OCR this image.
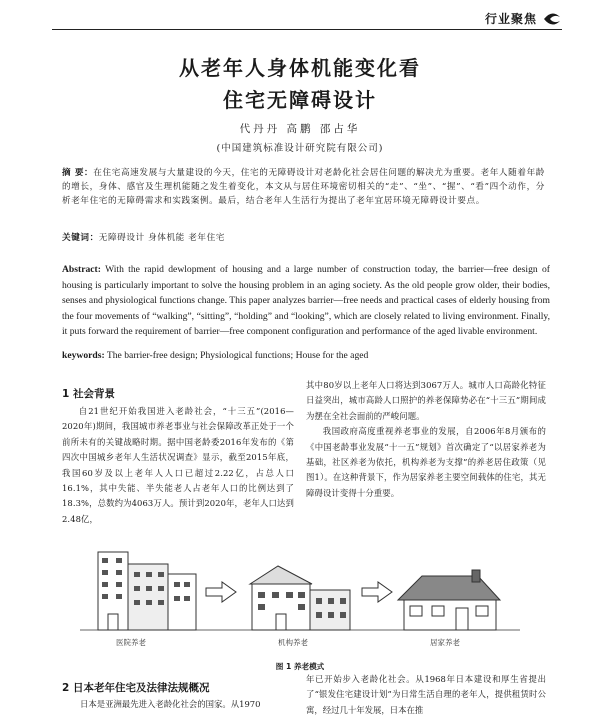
行业聚焦
从老年人身体机能变化看
住宅无障碍设计
代丹丹 高鹏 邵占华
(中国建筑标准设计研究院有限公司)
摘 要：在住宅高速发展与大量建设的今天，住宅的无障碍设计对老龄化社会居住问题的解决尤为重要。老年人随着年龄的增长，身体、感官及生理机能随之发生着变化，本文从与居住环境密切相关的“走”、“坐”、“握”、“看”四个动作，分析老年住宅的无障碍需求和实践案例。最后，结合老年人生活行为提出了老年宜居环境无障碍设计要点。
关键词：无障碍设计 身体机能 老年住宅
Abstract: With the rapid dewlopment of housing and a large number of construction today, the barrier—free design of housing is particularly important to solve the housing problem in an aging society. As the old people grow older, their bodies, senses and physiological functions change. This paper analyzes barrier—free needs and practical cases of elderly housing from the four movements of “walking”, “sitting”, “holding” and “looking”, which are closely related to living environment. Finally, it puts forward the requirement of barrier—free component configuration and performance of the aged livable environment.
keywords: The barrier-free design; Physiological functions; House for the aged
1 社会背景

自21世纪开始我国进入老龄社会，“十三五”(2016—2020年)期间，我国城市养老事业与社会保障改革正处于一个前所未有的关键战略时期。据中国老龄委2016年发布的《第四次中国城乡老年人生活状况调查》显示，截至2015年底，我国60岁及以上老年人人口已超过2.22亿，占总人口16.1%，其中失能、半失能老人占老年人口的比例达到了18.3%，总数约为4063万人。预计到2020年，老年人口达到2.48亿，

其中80岁以上老年人口将达到3067万人。城市人口高龄化特征日益突出，城市高龄人口照护的养老保障势必在“十三五”期间成为摆在全社会面前的严峻问题。

我国政府高度重视养老事业的发展，自2006年8月颁布的《中国老龄事业发展“十一五”规划》首次确定了“以居家养老为基础，社区养老为依托，机构养老为支撑”的养老居住政策（见图1）。在这种背景下，作为居家养老主要空间载体的住宅，其无障碍设计变得十分重要。

医院养老	机构养老	居家养老
图 1 养老模式
2 日本老年住宅及法律法规概况
日本是亚洲最先进入老龄化社会的国家。从1970
年已开始步入老龄化社会。从1968年日本建设和厚生省提出了“银发住宅建设计划”为日常生活自理的老年人，提供租赁时公寓，经过几十年发展，日本在推
